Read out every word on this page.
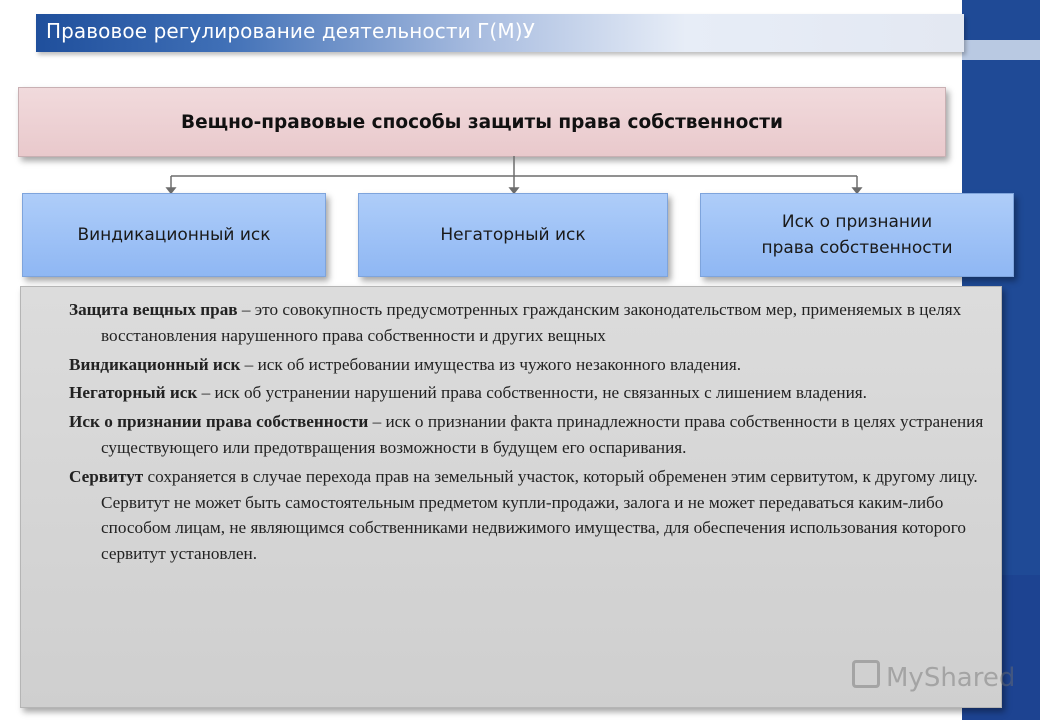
Правовое регулирование деятельности Г(М)У
Вещно-правовые способы защиты права собственности
Виндикационный иск	Негаторный иск
Иск о признании
права собственности

Защита вещных прав – это совокупность предусмотренных гражданским законодательством мер, применяемых в целях восстановления нарушенного права собственности и других вещных

Виндикационный иск – иск об истребовании имущества из чужого незаконного владения.

Негаторный иск – иск об устранении нарушений права собственности, не связанных с лишением владения.

Иск о признании права собственности – иск о признании факта принадлежности права собственности в целях устранения существующего или предотвращения возможности в будущем его оспаривания.

Сервитут сохраняется в случае перехода прав на земельный участок, который обременен этим сервитутом, к другому лицу. Сервитут не может быть самостоятельным предметом купли-продажи, залога и не может передаваться каким-либо способом лицам, не являющимся собственниками недвижимого имущества, для обеспечения использования которого сервитут установлен.

MyShared
